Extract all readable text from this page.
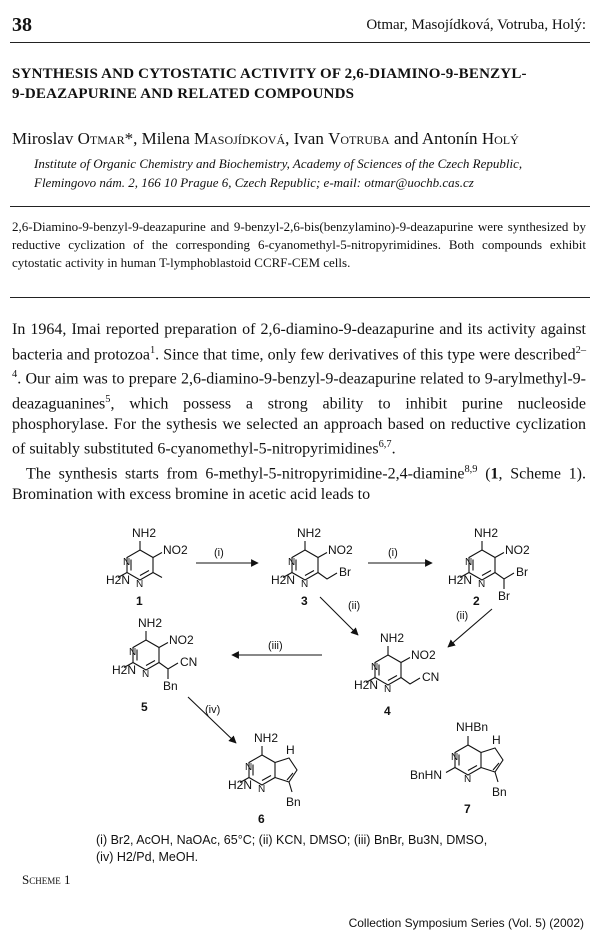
38	Otmar, Masojídková, Votruba, Holý:
SYNTHESIS AND CYTOSTATIC ACTIVITY OF 2,6-DIAMINO-9-BENZYL-
9-DEAZAPURINE AND RELATED COMPOUNDS
Miroslav Otmar*, Milena Masojídková, Ivan Votruba and Antonín Holý
Institute of Organic Chemistry and Biochemistry, Academy of Sciences of the Czech Republic,
Flemingovo nám. 2, 166 10 Prague 6, Czech Republic; e-mail: otmar@uochb.cas.cz
2,6-Diamino-9-benzyl-9-deazapurine and 9-benzyl-2,6-bis(benzylamino)-9-deazapurine were synthesized by reductive cyclization of the corresponding 6-cyanomethyl-5-nitropyrimidines. Both compounds exhibit cytostatic activity in human T-lymphoblastoid CCRF-CEM cells.

In 1964, Imai reported preparation of 2,6-diamino-9-deazapurine and its activity against bacteria and protozoa$^1$. Since that time, only few derivatives of this type were described$^{2-4}$. Our aim was to prepare 2,6-diamino-9-benzyl-9-deazapurine related to 9-arylmethyl-9-deazaguanines$^5$, which possess a strong ability to inhibit purine nucleoside phosphorylase. For the sythesis we selected an approach based on reductive cyclization of suitably substituted 6-cyanomethyl-5-nitropyrimidines$^{6,7}$.

The synthesis starts from 6-methyl-5-nitropyrimidine-2,4-diamine$^{8,9}$ (1, Scheme 1). Bromination with excess bromine in acetic acid leads to

NH2
NO2
H2N
N
N
1
NH2
NO2
H2N
Br
N
N
3
NH2
NO2
H2N
Br
Br
N
N
2
NH2
NO2
H2N
CN
N
N
4
NH2
NO2
H2N
CN
Bn
N
N
5
NH2
H
H2N
Bn
N
N
6
NHBn
H
BnHN
Bn
N
N
7
(i)	(i)
(ii)
(ii)
(iii)
(iv)
(i) Br2, AcOH, NaOAc, 65°C; (ii) KCN, DMSO; (iii) BnBr, Bu3N, DMSO,
(iv) H2/Pd, MeOH.
Scheme 1
Collection Symposium Series (Vol. 5) (2002)
